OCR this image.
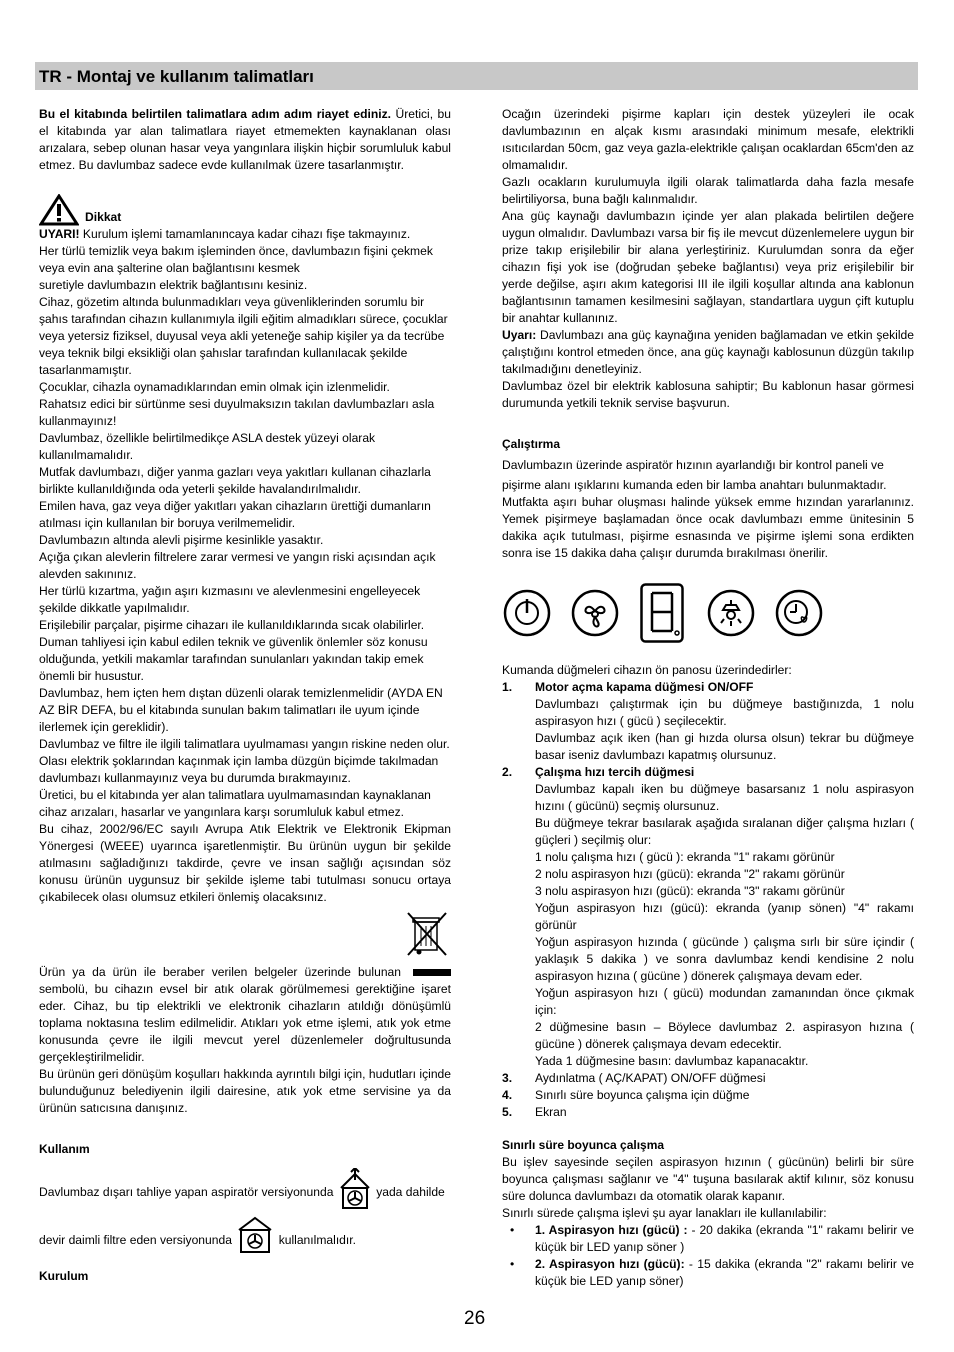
TR - Montaj ve kullanım talimatları

Bu el kitabında belirtilen talimatlara adım adım riayet ediniz. Üretici, bu el kitabında yar alan talimatlara riayet etmemekten kaynaklanan olası arızalara, sebep olunan hasar veya yangınlara ilişkin hiçbir sorumluluk kabul etmez. Bu davlumbaz sadece evde kullanılmak üzere tasarlanmıştır.

Dikkat

UYARI! Kurulum işlemi tamamlanıncaya kadar cihazı fişe takmayınız.

Her türlü temizlik veya bakım işleminden önce, davlumbazın fişini çekmek veya evin ana şalterine olan bağlantısını kesmek

suretiyle davlumbazın elektrik bağlantısını kesiniz.

Cihaz, gözetim altında bulunmadıkları veya güvenliklerinden sorumlu bir şahıs tarafından cihazın kullanımıyla ilgili eğitim almadıkları sürece, çocuklar veya yetersiz fiziksel, duyusal veya akli yeteneğe sahip kişiler ya da tecrübe veya teknik bilgi eksikliği olan şahıslar tarafından kullanılacak şekilde tasarlanmamıştır.

Çocuklar, cihazla oynamadıklarından emin olmak için izlenmelidir.

Rahatsız edici bir sürtünme sesi duyulmaksızın takılan davlumbazları asla kullanmayınız!

Davlumbaz, özellikle belirtilmedikçe ASLA destek yüzeyi olarak kullanılmamalıdır.

Mutfak davlumbazı, diğer yanma gazları veya yakıtları kullanan cihazlarla birlikte kullanıldığında oda yeterli şekilde havalandırılmalıdır.

Emilen hava, gaz veya diğer yakıtları yakan cihazların ürettiği dumanların atılması için kullanılan bir boruya verilmemelidir.

Davlumbazın altında alevli pişirme kesinlikle yasaktır.

Açığa çıkan alevlerin filtrelere zarar vermesi ve yangın riski açısından açık alevden sakınınız.

Her türlü kızartma, yağın aşırı kızmasını ve alevlenmesini engelleyecek şekilde dikkatle yapılmalıdır.

Erişilebilir parçalar, pişirme cihazarı ile kullanıldıklarında sıcak olabilirler.

Duman tahliyesi için kabul edilen teknik ve güvenlik önlemler söz konusu olduğunda, yetkili makamlar tarafından sunulanları yakından takip emek önemli bir husustur.

Davlumbaz, hem içten hem dıştan düzenli olarak temizlenmelidir (AYDA EN AZ BİR DEFA, bu el kitabında sunulan bakım talimatları ile uyum içinde ilerlemek için gereklidir).

Davlumbaz ve filtre ile ilgili talimatlara uyulmaması yangın riskine neden olur. Olası elektrik şoklarından kaçınmak için lamba düzgün biçimde takılmadan davlumbazı kullanmayınız veya bu durumda bırakmayınız.

Üretici, bu el kitabında yer alan talimatlara uyulmamasından kaynaklanan cihaz arızaları, hasarlar ve yangınlara karşı sorumluluk kabul etmez.

Bu cihaz, 2002/96/EC sayılı Avrupa Atık Elektrik ve Elektronik Ekipman Yönergesi (WEEE) uyarınca işaretlenmiştir. Bu ürünün uygun bir şekilde atılmasını sağladığınızı takdirde, çevre ve insan sağlığı açısından söz konusu ürünün uygunsuz bir şekilde işleme tabi tutulması sonucu ortaya çıkabilecek olası olumsuz etkileri önlemiş olacaksınız.

Ürün ya da ürün ile beraber verilen belgeler üzerinde bulunan sembolü, bu cihazın evsel bir atık olarak görülmemesi gerektiğine işaret eder. Cihaz, bu tip elektrikli ve elektronik cihazların atıldığı dönüşümlü toplama noktasına teslim edilmelidir. Atıkları yok etme işlemi, atık yok etme konusunda çevre ile ilgili mevcut yerel düzenlemeler doğrultusunda gerçekleştirilmelidir.

Bu ürünün geri dönüşüm koşulları hakkında ayrıntılı bilgi için, hudutları içinde bulunduğunuz belediyenin ilgili dairesine, atık yok etme servisine ya da ürünün satıcısına danışınız.

Kullanım

Davlumbaz dışarı tahliye yapan aspiratör versiyonunda	yada dahilde

devir daimli filtre eden versiyonunda	kullanılmalıdır.

Kurulum

Ocağın üzerindeki pişirme kapları için destek yüzeyleri ile ocak davlumbazının en alçak kısmı arasındaki minimum mesafe, elektrikli ısıtıcılardan 50cm, gaz veya gazla-elektrikle çalışan ocaklardan 65cm'den az olmamalıdır.

Gazlı ocakların kurulumuyla ilgili olarak talimatlarda daha fazla mesafe belirtiliyorsa, buna bağlı kalınmalıdır.

Ana güç kaynağı davlumbazın içinde yer alan plakada belirtilen değere uygun olmalıdır. Davlumbazı varsa bir fiş ile mevcut düzenlemelere uygun bir prize takıp erişilebilir bir alana yerleştiriniz. Kurulumdan sonra da eğer cihazın fişi yok ise (doğrudan şebeke bağlantısı) veya priz erişilebilir bir yerde değilse, aşırı akım kategorisi III ile ilgili koşullar altında ana kablonun bağlantısının tamamen kesilmesini sağlayan, standartlara uygun çift kutuplu bir anahtar kullanınız.

Uyarı: Davlumbazı ana güç kaynağına yeniden bağlamadan ve etkin şekilde çalıştığını kontrol etmeden önce, ana güç kaynağı kablosunun düzgün takılıp takılmadığını denetleyiniz.

Davlumbaz özel bir elektrik kablosuna sahiptir; Bu kablonun hasar görmesi durumunda yetkili teknik servise başvurun.

Çalıştırma

Davlumbazın üzerinde aspiratör hızının ayarlandığı bir kontrol paneli ve

pişirme alanı ışıklarını kumanda eden bir lamba anahtarı bulunmaktadır.

Mutfakta aşırı buhar oluşması halinde yüksek emme hızından yararlanınız. Yemek pişirmeye başlamadan önce ocak davlumbazı emme ünitesinin 5 dakika açık tutulması, pişirme esnasında ve pişirme işlemi sona erdikten sonra ise 15 dakika daha çalışır durumda bırakılması önerilir.

Kumanda düğmeleri cihazın ön panosu üzerindedirler:

1.	Motor açma kapama düğmesi ON/OFF

Davlumbazı çalıştırmak için bu düğmeye bastığınızda, 1 nolu aspirasyon hızı ( gücü ) seçilecektir.

Davlumbaz açık iken (han gi hızda olursa olsun) tekrar bu düğmeye basar iseniz davlumbazı kapatmış olursunuz.

2.	Çalışma hızı tercih düğmesi

Davlumbaz kapalı iken bu düğmeye basarsanız 1 nolu aspirasyon hızını ( gücünü) seçmiş olursunuz.

Bu düğmeye tekrar basılarak aşağıda sıralanan diğer çalışma hızları ( güçleri ) seçilmiş olur:

1 nolu çalışma hızı ( gücü ): ekranda "1" rakamı görünür

2 nolu aspirasyon hızı (gücü): ekranda "2" rakamı görünür

3 nolu aspirasyon hızı (gücü): ekranda "3" rakamı görünür

Yoğun aspirasyon hızı (gücü): ekranda (yanıp sönen) "4" rakamı görünür

Yoğun aspirasyon hızında ( gücünde ) çalışma sırlı bir süre içindir ( yaklaşık 5 dakika ) ve sonra davlumbaz kendi kendisine 2 nolu aspirasyon hızına ( gücüne ) dönerek çalışmaya devam eder.

Yoğun aspirasyon hızı ( gücü) modundan zamanından önce çıkmak için:

2 düğmesine basın – Böylece davlumbaz 2. aspirasyon hızına ( gücüne ) dönerek çalışmaya devam edecektir.

Yada 1 düğmesine basın: davlumbaz kapanacaktır.

3.	Aydınlatma ( AÇ/KAPAT) ON/OFF düğmesi
4.	Sınırlı süre boyunca çalışma için düğme
5.	Ekran

Sınırlı süre boyunca çalışma

Bu işlev sayesinde seçilen aspirasyon hızının ( gücünün) belirli bir süre boyunca çalışması sağlanır ve "4" tuşuna basılarak aktif kılınır, söz konusu süre dolunca davlumbazı da otomatik olarak kapanır.

Sınırlı sürede çalışma işlevi şu ayar lanakları ile kullanılabilir:

•	1. Aspirasyon hızı (gücü) : - 20 dakika (ekranda "1" rakamı belirir ve küçük bir LED yanıp söner )
•	2. Aspirasyon hızı (gücü): - 15 dakika (ekranda "2" rakamı belirir ve küçük bie LED yanıp söner)
26
